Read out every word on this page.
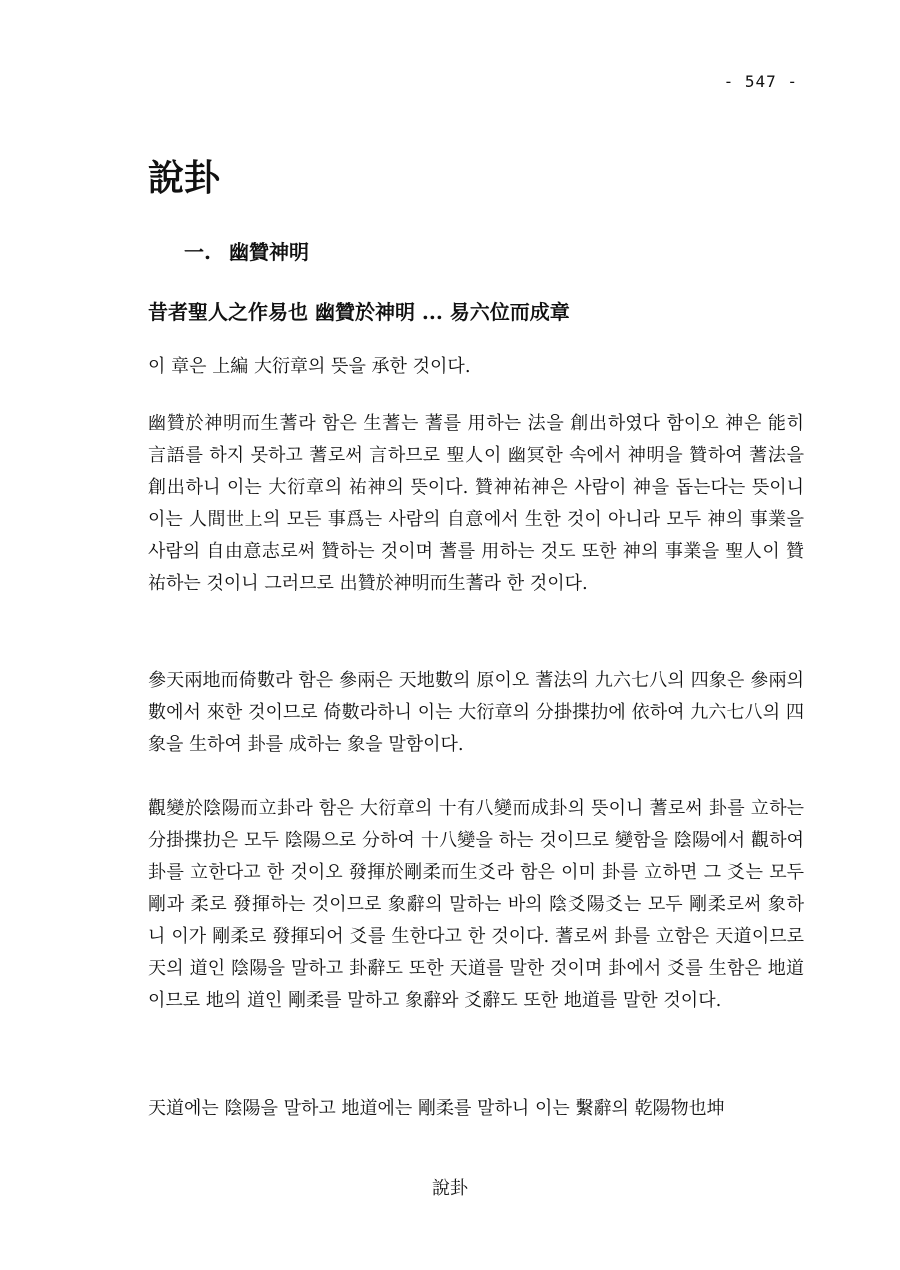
- 547 -
說卦
一. 幽贊神明
昔者聖人之作易也 幽贊於神明 ... 易六位而成章

이 章은 上編 大衍章의 뜻을 承한 것이다.

幽贊於神明而生蓍라 함은 生蓍는 蓍를 用하는 法을 創出하였다 함이오 神은 能히 言語를 하지 못하고 蓍로써 言하므로 聖人이 幽冥한 속에서 神明을 贊하여 蓍法을 創出하니 이는 大衍章의 祐神의 뜻이다. 贊神祐神은 사람이 神을 돕는다는 뜻이니 이는 人間世上의 모든 事爲는 사람의 自意에서 生한 것이 아니라 모두 神의 事業을 사람의 自由意志로써 贊하는 것이며 蓍를 用하는 것도 또한 神의 事業을 聖人이 贊祐하는 것이니 그러므로 出贊於神明而生蓍라 한 것이다.

參天兩地而倚數라 함은 參兩은 天地數의 原이오 蓍法의 九六七八의 四象은 參兩의 數에서 來한 것이므로 倚數라하니 이는 大衍章의 分掛揲扐에 依하여 九六七八의 四象을 生하여 卦를 成하는 象을 말함이다.

觀變於陰陽而立卦라 함은 大衍章의 十有八變而成卦의 뜻이니 蓍로써 卦를 立하는 分掛揲扐은 모두 陰陽으로 分하여 十八變을 하는 것이므로 變함을 陰陽에서 觀하여 卦를 立한다고 한 것이오 發揮於剛柔而生爻라 함은 이미 卦를 立하면 그 爻는 모두 剛과 柔로 發揮하는 것이므로 象辭의 말하는 바의 陰爻陽爻는 모두 剛柔로써 象하니 이가 剛柔로 發揮되어 爻를 生한다고 한 것이다. 蓍로써 卦를 立함은 天道이므로 天의 道인 陰陽을 말하고 卦辭도 또한 天道를 말한 것이며 卦에서 爻를 生함은 地道이므로 地의 道인 剛柔를 말하고 象辭와 爻辭도 또한 地道를 말한 것이다.

天道에는 陰陽을 말하고 地道에는 剛柔를 말하니 이는 繫辭의 乾陽物也坤

說卦
